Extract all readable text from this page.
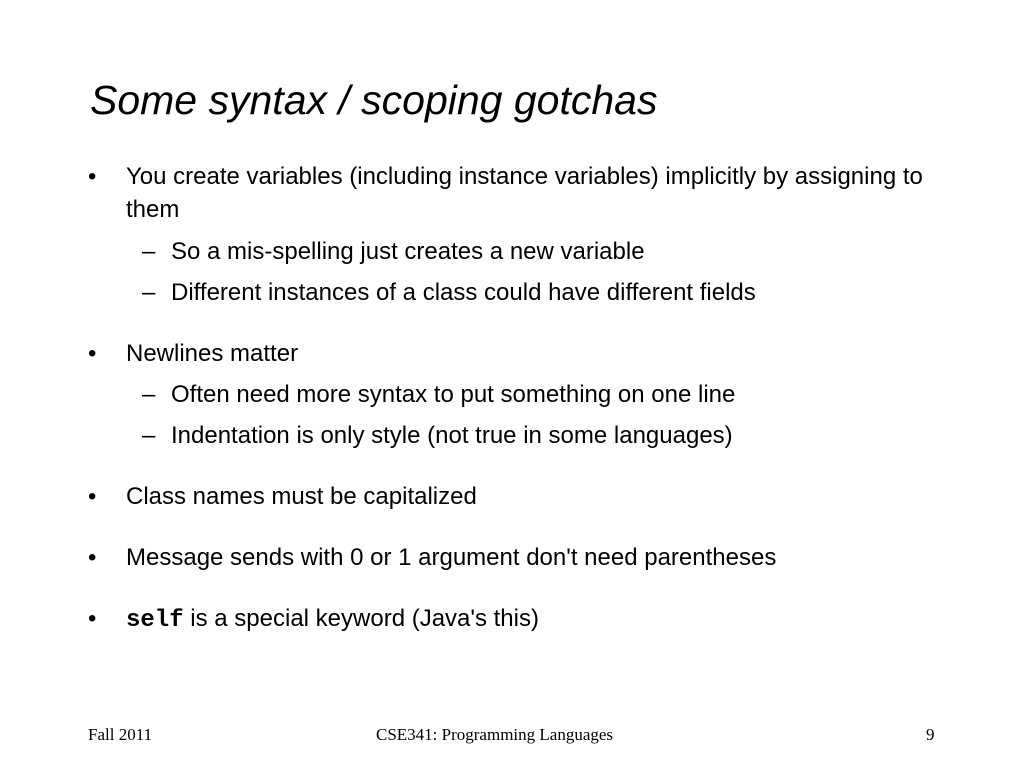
Some syntax / scoping gotchas
•	You create variables (including instance variables) implicitly by assigning to them
– So a mis-spelling just creates a new variable
– Different instances of a class could have different fields
•	Newlines matter
– Often need more syntax to put something on one line
– Indentation is only style (not true in some languages)
•	Class names must be capitalized
•	Message sends with 0 or 1 argument don't need parentheses
•	self is a special keyword (Java's this)
Fall 2011	CSE341: Programming Languages	9
